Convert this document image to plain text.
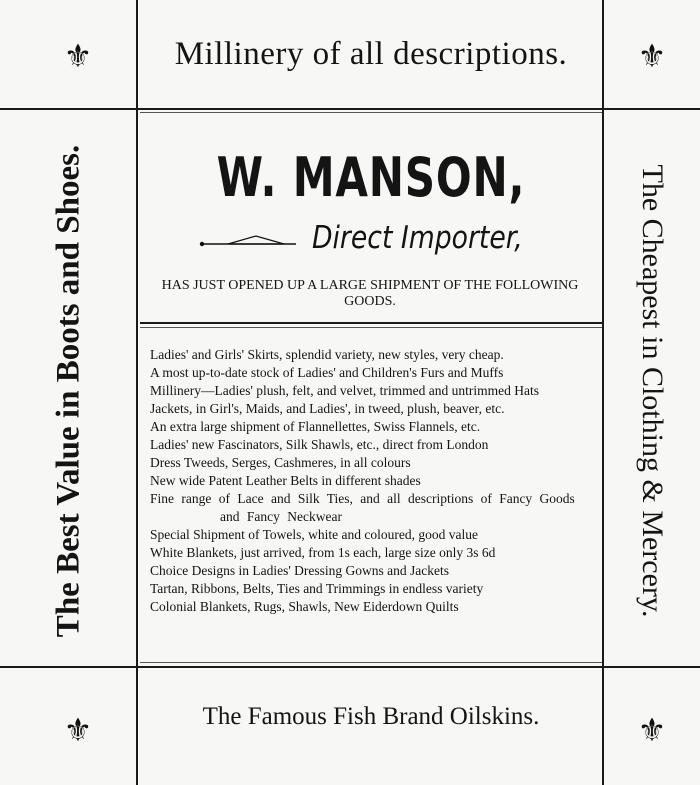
⚜	⚜
⚜	⚜
Millinery of all descriptions.
W. MANSON,
Direct Importer,
HAS JUST OPENED UP A LARGE SHIPMENT OF THE FOLLOWING GOODS.
Ladies' and Girls' Skirts, splendid variety, new styles, very cheap.
A most up-to-date stock of Ladies' and Children's Furs and Muffs
Millinery—Ladies' plush, felt, and velvet, trimmed and untrimmed Hats
Jackets, in Girl's, Maids, and Ladies', in tweed, plush, beaver, etc.
An extra large shipment of Flannellettes, Swiss Flannels, etc.
Ladies' new Fascinators, Silk Shawls, etc., direct from London
Dress Tweeds, Serges, Cashmeres, in all colours
New wide Patent Leather Belts in different shades
Fine range of Lace and Silk Ties, and all descriptions of Fancy Goods and Fancy Neckwear
Special Shipment of Towels, white and coloured, good value
White Blankets, just arrived, from 1s each, large size only 3s 6d
Choice Designs in Ladies' Dressing Gowns and Jackets
Tartan, Ribbons, Belts, Ties and Trimmings in endless variety
Colonial Blankets, Rugs, Shawls, New Eiderdown Quilts
The Famous Fish Brand Oilskins.
The Best Value in Boots and Shoes.	The Cheapest in Clothing & Mercery.
